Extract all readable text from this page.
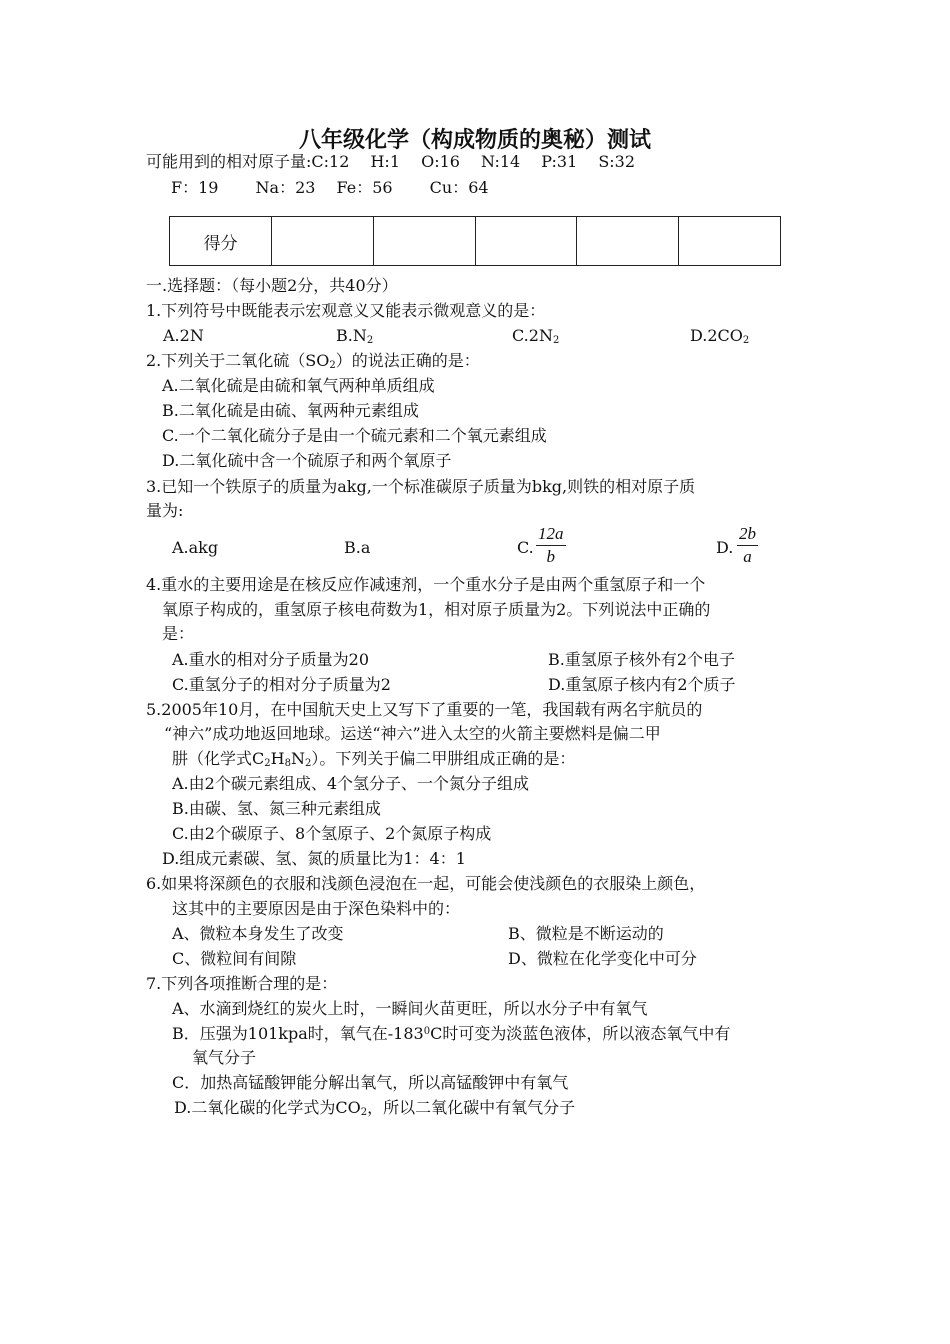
八年级化学（构成物质的奥秘）测试
可能用到的相对原子量:C:12　 H:1　 O:16　 N:14　 P:31　 S:32
F：19　　 Na：23　 Fe：56　　 Cu：64
得分					
一.选择题：（每小题2分，共40分）
1.下列符号中既能表示宏观意义又能表示微观意义的是：
A.2N	$B.N_2$	$C.2N_2$	$D.2CO_2$
2.下列关于二氧化硫$(SO_2)$的说法正确的是：
A.二氧化硫是由硫和氧气两种单质组成
B.二氧化硫是由硫、氧两种元素组成
C.一个二氧化硫分子是由一个硫元素和二个氧元素组成
D.二氧化硫中含一个硫原子和两个氧原子
3.已知一个铁原子的质量为akg,一个标准碳原子质量为bkg,则铁的相对原子质
量为:
A.akg	B.a	C. $\frac{12a}{b}$	D. $\frac{2b}{a}$
4.重水的主要用途是在核反应作减速剂，一个重水分子是由两个重氢原子和一个
氧原子构成的，重氢原子核电荷数为1，相对原子质量为2。下列说法中正确的
是：
A.重水的相对分子质量为20	B.重氢原子核外有2个电子
C.重氢分子的相对分子质量为2	D.重氢原子核内有2个质子
5.2005年10月，在中国航天史上又写下了重要的一笔，我国载有两名宇航员的
“神六”成功地返回地球。运送“神六”进入太空的火箭主要燃料是偏二甲
肼（化学式$C_2H_8N_2$）。下列关于偏二甲肼组成正确的是：
A.由2个碳元素组成、4个氢分子、一个氮分子组成
B.由碳、氢、氮三种元素组成
C.由2个碳原子、8个氢原子、2个氮原子构成
D.组成元素碳、氢、氮的质量比为1：4：1
6.如果将深颜色的衣服和浅颜色浸泡在一起，可能会使浅颜色的衣服染上颜色，
这其中的主要原因是由于深色染料中的：
A、微粒本身发生了改变	B、微粒是不断运动的
C、微粒间有间隙	D、微粒在化学变化中可分
7.下列各项推断合理的是：
A、水滴到烧红的炭火上时，一瞬间火苗更旺，所以水分子中有氧气
B．压强为101kpa时，氧气在$-183^0C$时可变为淡蓝色液体，所以液态氧气中有
氧气分子
C．加热高锰酸钾能分解出氧气，所以高锰酸钾中有氧气
D.二氧化碳的化学式为$CO_2$，所以二氧化碳中有氧气分子
